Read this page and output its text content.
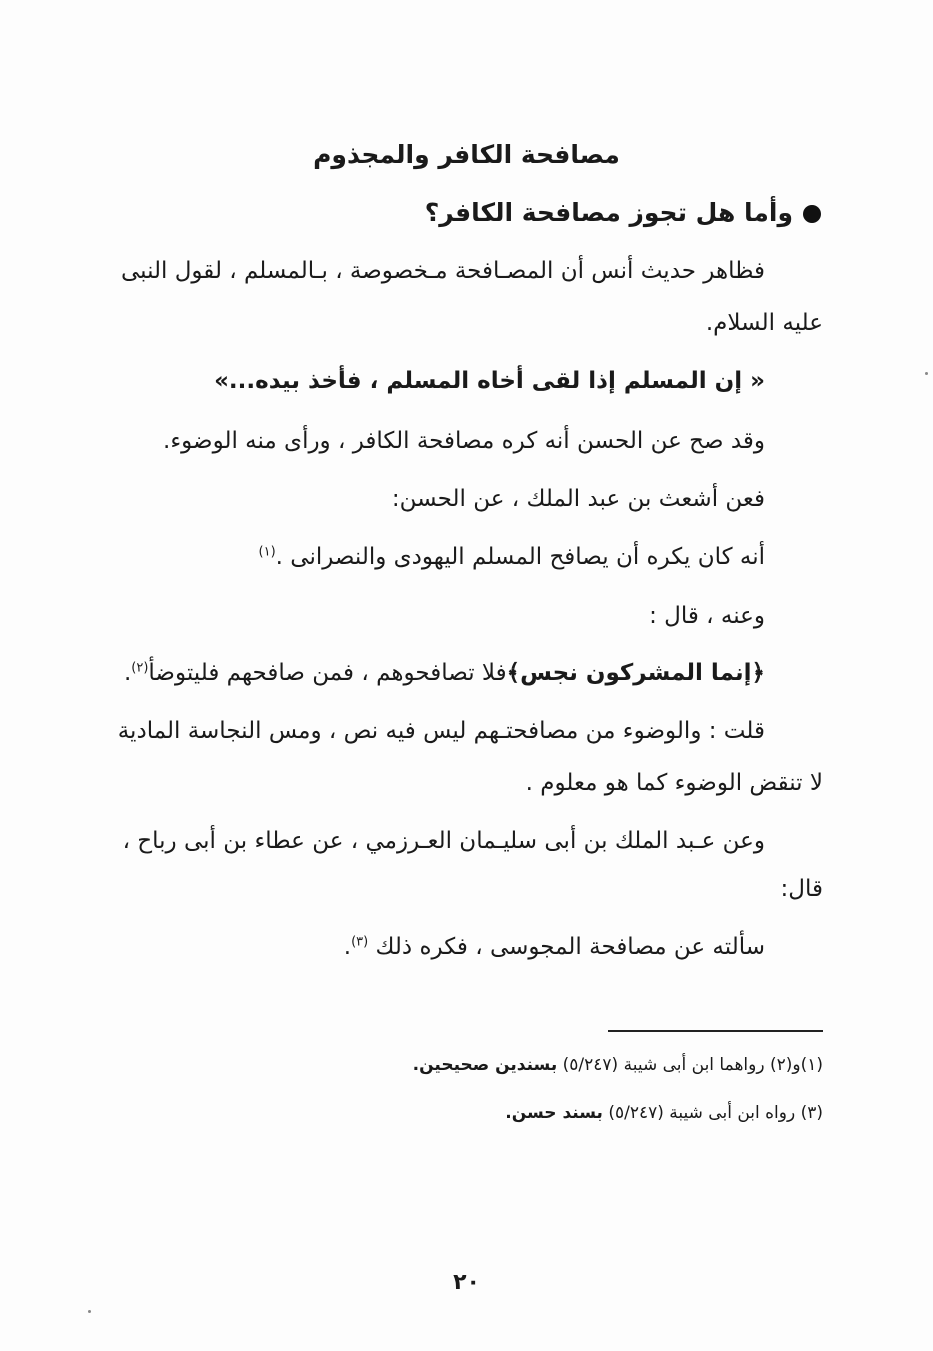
مصافحة الكافر والمجذوم
وأما هل تجوز مصافحة الكافر؟
فظاهر حديث أنس أن المصـافحة مـخصوصة ، بـالمسلم ، لقول النبى
عليه السلام.
« إن المسلم إذا لقى أخاه المسلم ، فأخذ بيده...»
وقد صح عن الحسن أنه كره مصافحة الكافر ، ورأى منه الوضوء.
فعن أشعث بن عبد الملك ، عن الحسن:
أنه كان يكره أن يصافح المسلم اليهودى والنصرانى .$^{(١)}$
وعنه ، قال :
﴿إنما المشركون نجس﴾فلا تصافحوهم ، فمن صافحهم فليتوضأ$^{(٢)}$.
قلت : والوضوء من مصافحتـهم ليس فيه نص ، ومس النجاسة المادية
لا تنقض الوضوء كما هو معلوم .
وعن عـبد الملك بن أبى سليـمان العـرزمي ، عن عطاء بن أبى رباح ،
قال:
سألته عن مصافحة المجوسى ، فكره ذلك $^{(٣)}$.
(١)و(٢) رواهما ابن أبى شيبة (٥/٢٤٧) بسندين صحيحين.
(٣) رواه ابن أبى شيبة (٥/٢٤٧) بسند حسن.
٢٠
